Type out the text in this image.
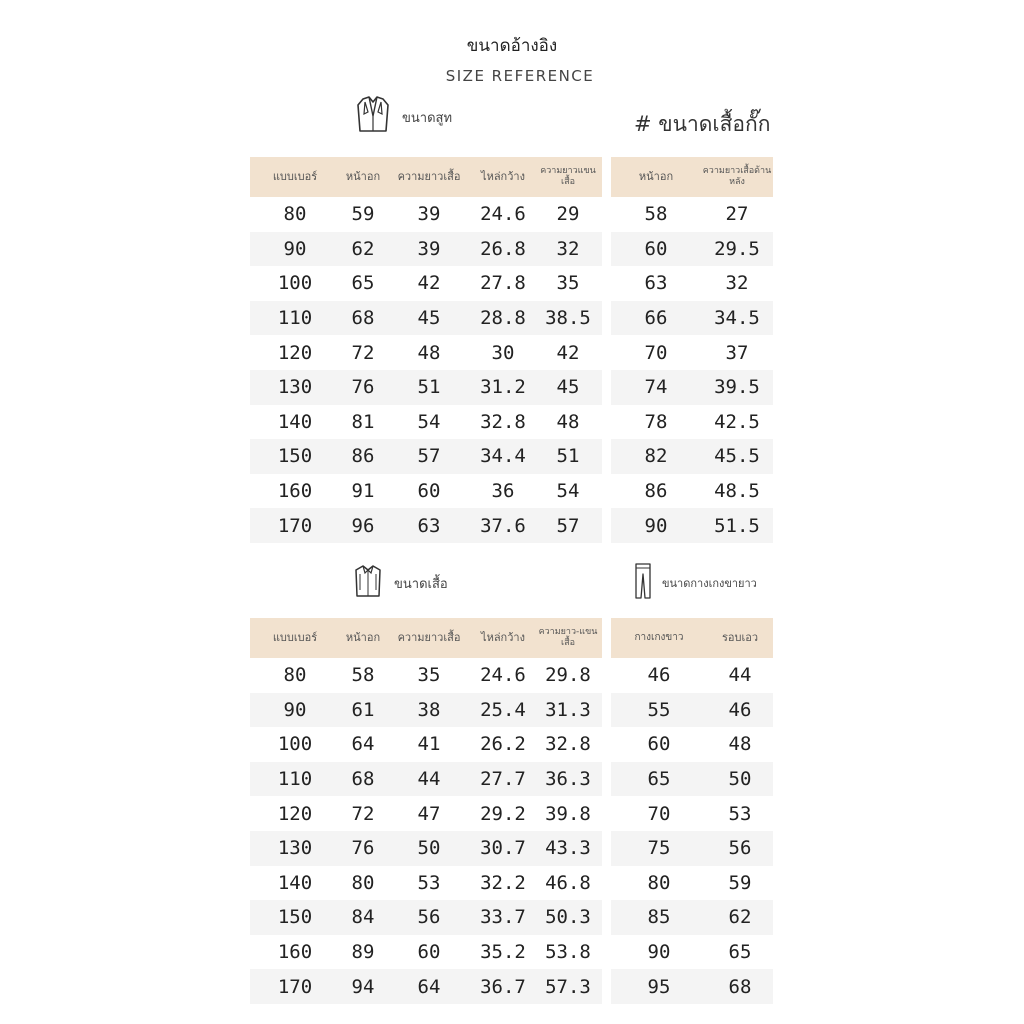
ขนาดอ้างอิง
SIZE REFERENCE
ขนาดสูท	# ขนาดเสื้อกั๊ก
แบบเบอร์	หน้าอก	ความยาวเสื้อ	ไหล่กว้าง	ความยาวแขนเสื้อ
80	59	39	24.6	29
90	62	39	26.8	32
100	65	42	27.8	35
110	68	45	28.8	38.5
120	72	48	30	42
130	76	51	31.2	45
140	81	54	32.8	48
150	86	57	34.4	51
160	91	60	36	54
170	96	63	37.6	57
หน้าอก	ความยาวเสื้อด้านหลัง
58	27
60	29.5
63	32
66	34.5
70	37
74	39.5
78	42.5
82	45.5
86	48.5
90	51.5
ขนาดเสื้อ	ขนาดกางเกงขายาว
แบบเบอร์	หน้าอก	ความยาวเสื้อ	ไหล่กว้าง	ความยาว-แขนเสื้อ
80	58	35	24.6	29.8
90	61	38	25.4	31.3
100	64	41	26.2	32.8
110	68	44	27.7	36.3
120	72	47	29.2	39.8
130	76	50	30.7	43.3
140	80	53	32.2	46.8
150	84	56	33.7	50.3
160	89	60	35.2	53.8
170	94	64	36.7	57.3
กางเกงขาว	รอบเอว
46	44
55	46
60	48
65	50
70	53
75	56
80	59
85	62
90	65
95	68
